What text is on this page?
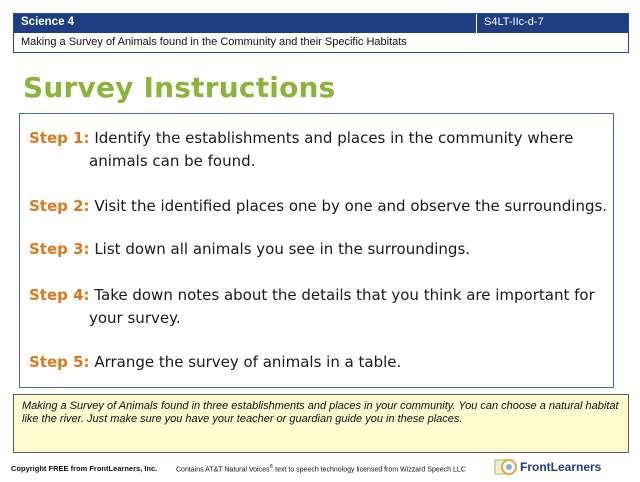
Science 4	S4LT-IIc-d-7
Making a Survey of Animals found in the Community and their Specific Habitats
Survey Instructions
Step 1: Identify the establishments and places in the community where
animals can be found.
Step 2: Visit the identified places one by one and observe the surroundings.
Step 3: List down all animals you see in the surroundings.
Step 4: Take down notes about the details that you think are important for
your survey.
Step 5: Arrange the survey of animals in a table.
Making a Survey of Animals found in three establishments and places in your community. You can choose a natural habitat like the river. Just make sure you have your teacher or guardian guide you in these places.
Copyright FREE from FrontLearners, Inc.	Contains AT&T Natural Voices® text to speech technology licensed from Wizzard Speech LLC	FrontLearners
